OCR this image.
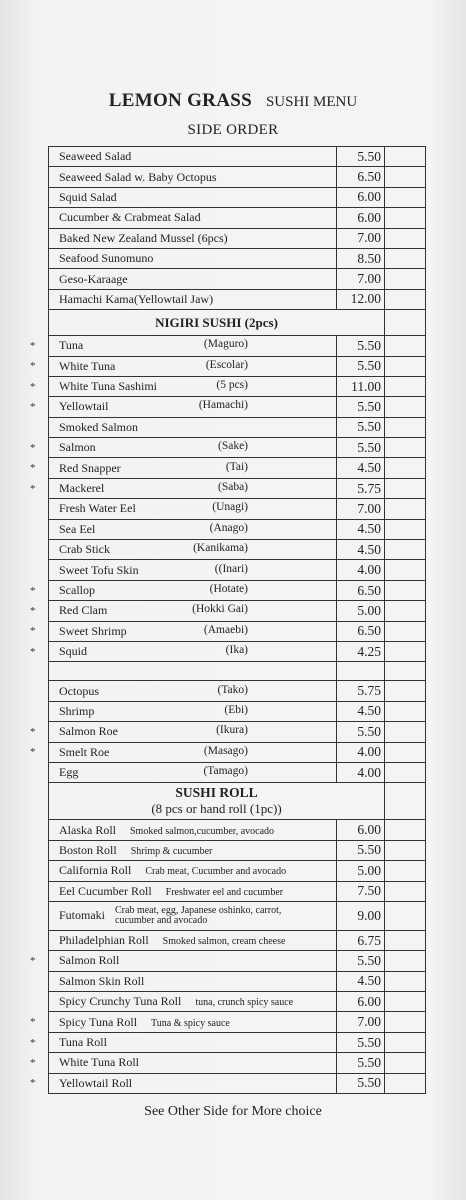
LEMON GRASS SUSHI MENU
SIDE ORDER
Seaweed Salad	5.50	
Seaweed Salad w. Baby Octopus	6.50	
Squid Salad	6.00	
Cucumber & Crabmeat Salad	6.00	
Baked New Zealand Mussel (6pcs)	7.00	
Seafood Sunomuno	8.50	
Geso-Karaage	7.00	
Hamachi Kama(Yellowtail Jaw)	12.00	
NIGIRI SUSHI (2pcs)		

* Tuna (Maguro)	5.50	

* White Tuna (Escolar)	5.50	

* White Tuna Sashimi (5 pcs)	11.00	

* Yellowtail (Hamachi)	5.50	
Smoked Salmon	5.50	

* Salmon (Sake)	5.50	

* Red Snapper (Tai)	4.50	

* Mackerel (Saba)	5.75	
Fresh Water Eel (Unagi)	7.00	
Sea Eel (Anago)	4.50	
Crab Stick (Kanikama)	4.50	
Sweet Tofu Skin ((Inari)	4.00	

* Scallop (Hotate)	6.50	

* Red Clam (Hokki Gai)	5.00	

* Sweet Shrimp (Amaebi)	6.50	

* Squid (Ika)	4.25	

Octopus (Tako)	5.75	
Shrimp (Ebi)	4.50	

* Salmon Roe (Ikura)	5.50	

* Smelt Roe (Masago)	4.00	
Egg (Tamago)	4.00	

SUSHI ROLL
(8 pcs or hand roll (1pc))		

Alaska Roll Smoked salmon,cucumber, avocado	6.00	
Boston Roll Shrimp & cucumber	5.50	
California Roll Crab meat, Cucumber and avocado	5.00	
Eel Cucumber Roll Freshwater eel and cucumber	7.50	
Futomaki Crab meat, egg, Japanese oshinko, carrot, cucumber and avocado	9.00	
Philadelphian Roll Smoked salmon, cream cheese	6.75	

* Salmon Roll	5.50	
Salmon Skin Roll	4.50	
Spicy Crunchy Tuna Roll tuna, crunch spicy sauce	6.00	

* Spicy Tuna Roll Tuna & spicy sauce	7.00	

* Tuna Roll	5.50	

* White Tuna Roll	5.50	

* Yellowtail Roll	5.50	
See Other Side for More choice
